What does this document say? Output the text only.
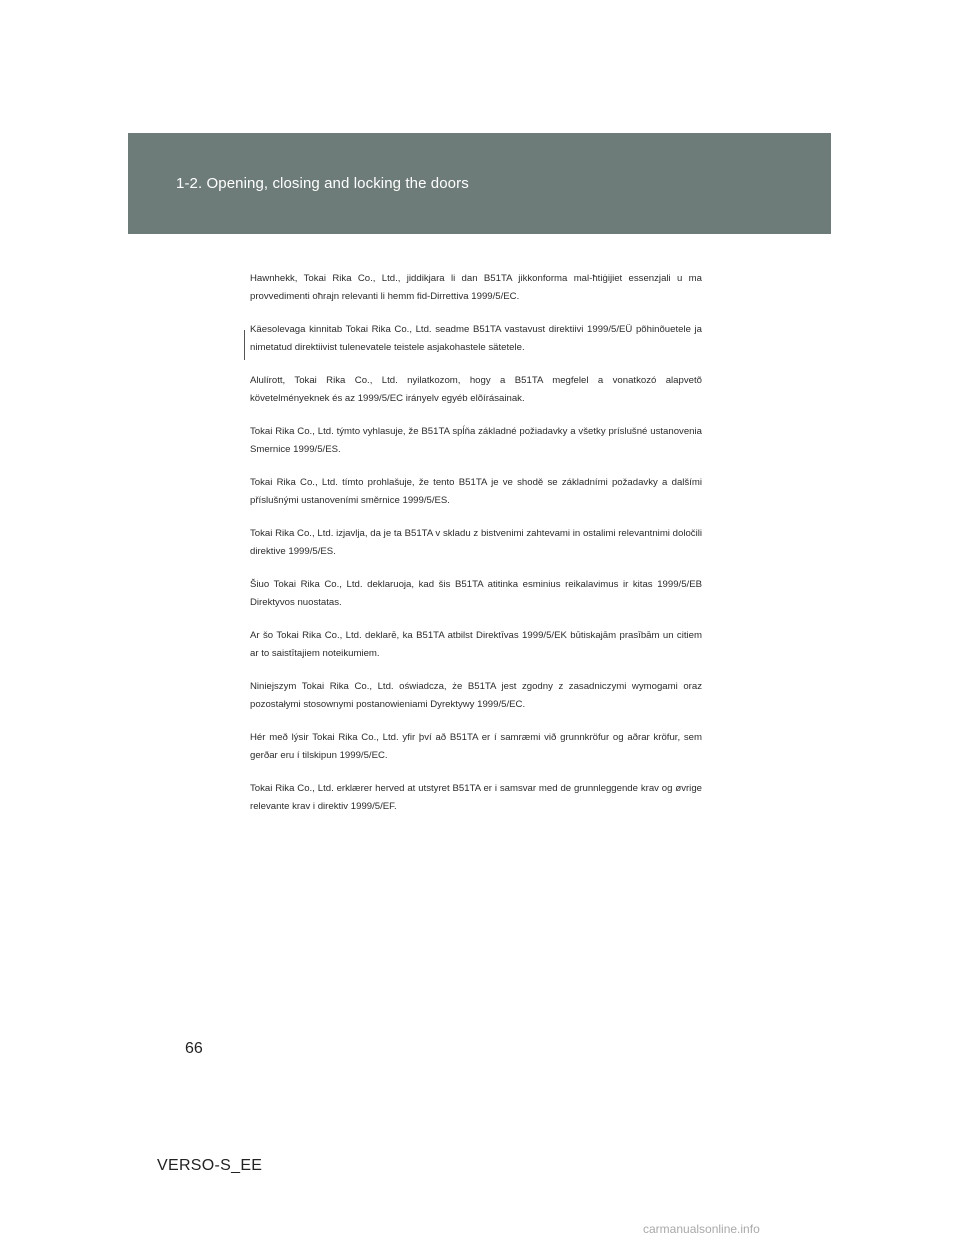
1-2. Opening, closing and locking the doors

Hawnhekk, Tokai Rika Co., Ltd., jiddikjara li dan B51TA jikkonforma mal-ħtiġijiet essenzjali u ma provvedimenti oħrajn relevanti li hemm fid-Dirrettiva 1999/5/EC.

Käesolevaga kinnitab Tokai Rika Co., Ltd. seadme B51TA vastavust direktiivi 1999/5/EÜ põhinõuetele ja nimetatud direktiivist tulenevatele teistele asjakohastele sätetele.

Alulírott, Tokai Rika Co., Ltd. nyilatkozom, hogy a B51TA megfelel a vonatkozó alapvetõ követelményeknek és az 1999/5/EC irányelv egyéb elõírásainak.

Tokai Rika Co., Ltd. týmto vyhlasuje, že B51TA spĺňa základné požiadavky a všetky príslušné ustanovenia Smernice 1999/5/ES.

Tokai Rika Co., Ltd. tímto prohlašuje, že tento B51TA je ve shodě se základními požadavky a dalšími příslušnými ustanoveními směrnice 1999/5/ES.

Tokai Rika Co., Ltd. izjavlja, da je ta B51TA v skladu z bistvenimi zahtevami in ostalimi relevantnimi določili direktive 1999/5/ES.

Šiuo Tokai Rika Co., Ltd. deklaruoja, kad šis B51TA atitinka esminius reikalavimus ir kitas 1999/5/EB Direktyvos nuostatas.

Ar šo Tokai Rika Co., Ltd. deklarē, ka B51TA atbilst Direktīvas 1999/5/EK būtiskajām prasībām un citiem ar to saistītajiem noteikumiem.

Niniejszym Tokai Rika Co., Ltd. oświadcza, że B51TA jest zgodny z zasadniczymi wymogami oraz pozostałymi stosownymi postanowieniami Dyrektywy 1999/5/EC.

Hér með lýsir Tokai Rika Co., Ltd. yfir því að B51TA er í samræmi við grunnkröfur og aðrar kröfur, sem gerðar eru í tilskipun 1999/5/EC.

Tokai Rika Co., Ltd. erklærer herved at utstyret B51TA er i samsvar med de grunnleggende krav og øvrige relevante krav i direktiv 1999/5/EF.

66
VERSO-S_EE
carmanualsonline.info
